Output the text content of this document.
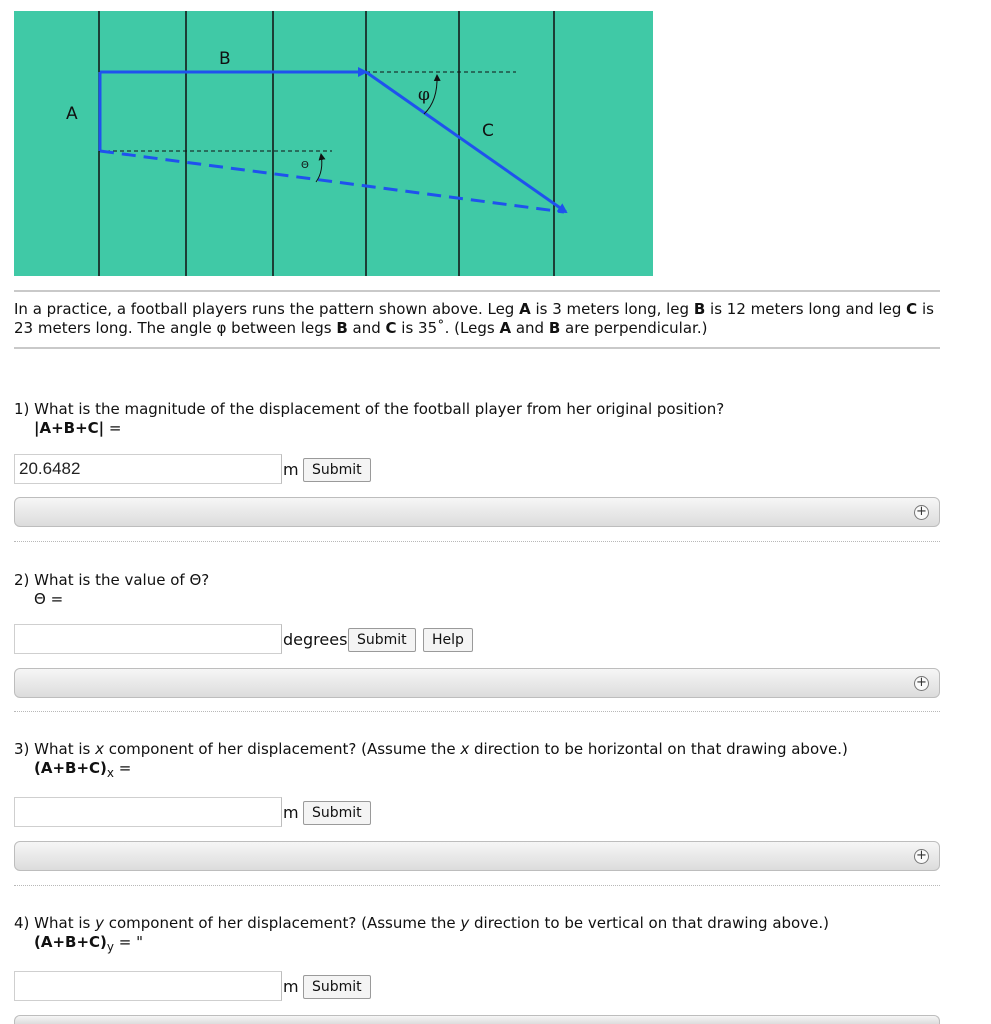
A
B
C
φ
Θ
In a practice, a football players runs the pattern shown above. Leg A is 3 meters long, leg B is 12 meters long and leg C is 23 meters long. The angle φ between legs B and C is 35˚. (Legs A and B are perpendicular.)
1) What is the magnitude of the displacement of the football player from her original position?
|A+B+C| =
20.6482
m Submit
+
2) What is the value of Θ?
Θ =
degrees Submit	Help
+
3) What is x component of her displacement? (Assume the x direction to be horizontal on that drawing above.)
$(A+B+C)_x$ =
m Submit
+
4) What is y component of her displacement? (Assume the y direction to be vertical on that drawing above.)
$(A+B+C)_y$ = "
m Submit
